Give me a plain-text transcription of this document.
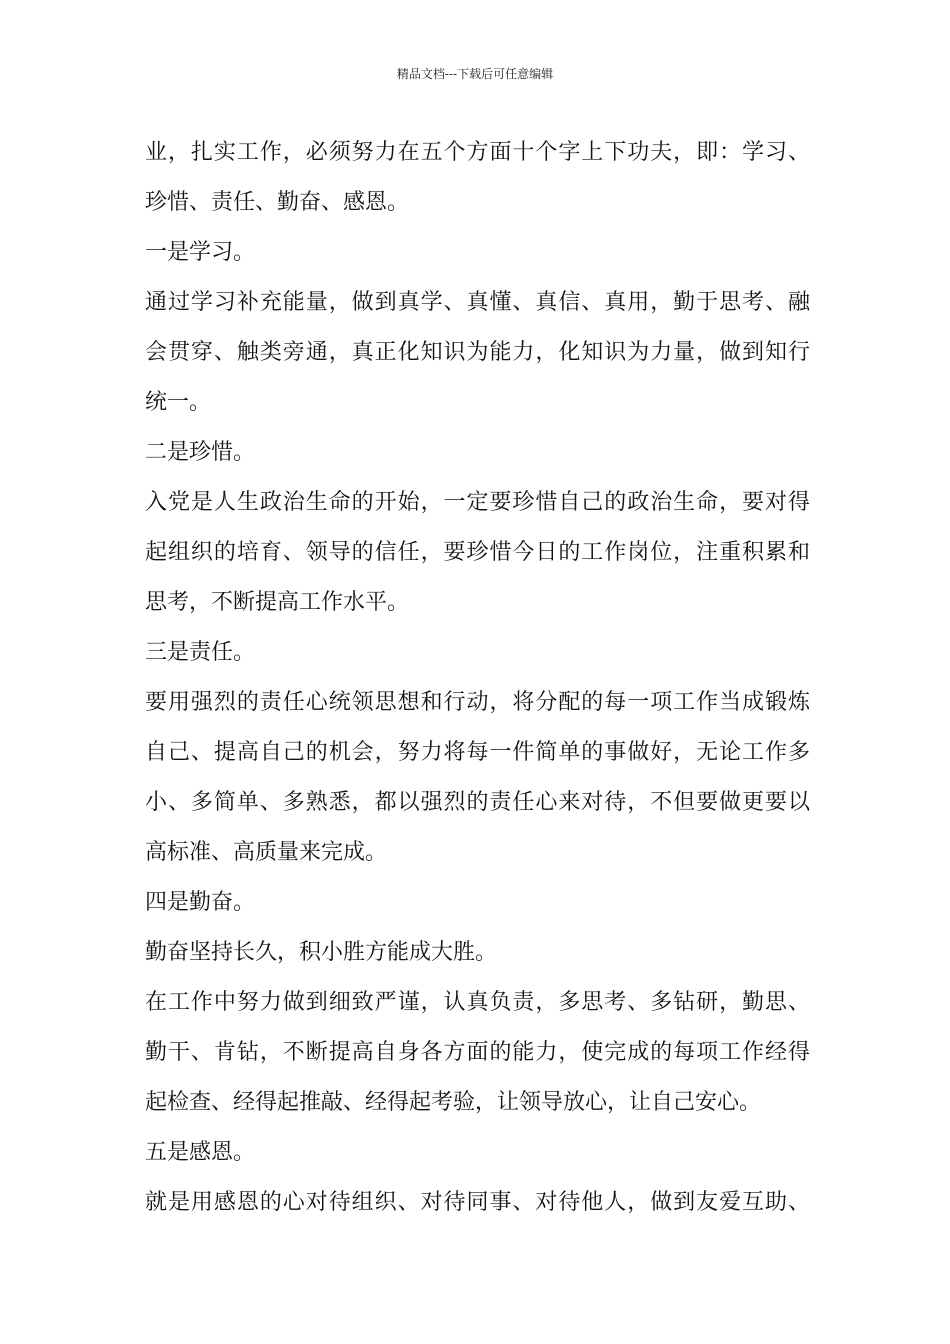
精品文档---下载后可任意编辑
业，扎实工作，必须努力在五个方面十个字上下功夫，即：学习、
珍惜、责任、勤奋、感恩。
一是学习。
通过学习补充能量，做到真学、真懂、真信、真用，勤于思考、融
会贯穿、触类旁通，真正化知识为能力，化知识为力量，做到知行
统一。
二是珍惜。
入党是人生政治生命的开始，一定要珍惜自己的政治生命，要对得
起组织的培育、领导的信任，要珍惜今日的工作岗位，注重积累和
思考，不断提高工作水平。
三是责任。
要用强烈的责任心统领思想和行动，将分配的每一项工作当成锻炼
自己、提高自己的机会，努力将每一件简单的事做好，无论工作多
小、多简单、多熟悉，都以强烈的责任心来对待，不但要做更要以
高标准、高质量来完成。
四是勤奋。
勤奋坚持长久，积小胜方能成大胜。
在工作中努力做到细致严谨，认真负责，多思考、多钻研，勤思、
勤干、肯钻，不断提高自身各方面的能力，使完成的每项工作经得
起检查、经得起推敲、经得起考验，让领导放心，让自己安心。
五是感恩。
就是用感恩的心对待组织、对待同事、对待他人，做到友爱互助、
